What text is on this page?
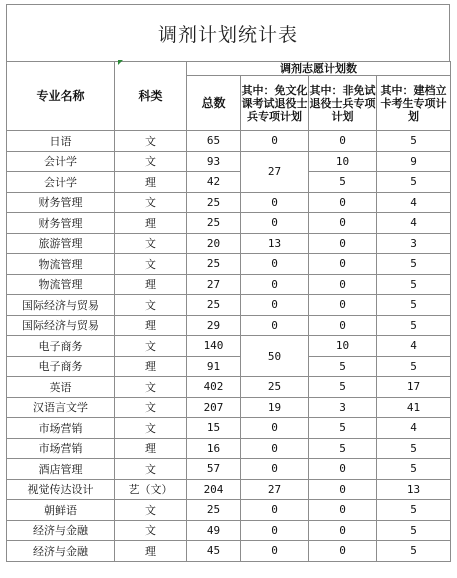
调剂计划统计表
专业名称	科类	调剂志愿计划数			
		总数	其中：免文化课考试退役士兵专项计划	其中：非免试退役士兵专项计划	其中：建档立卡考生专项计划
日语	文	65	0	0	5
会计学	文	93	27	10	9
会计学	理	42		5	5
财务管理	文	25	0	0	4
财务管理	理	25	0	0	4
旅游管理	文	20	13	0	3
物流管理	文	25	0	0	5
物流管理	理	27	0	0	5
国际经济与贸易	文	25	0	0	5
国际经济与贸易	理	29	0	0	5
电子商务	文	140	50	10	4
电子商务	理	91		5	5
英语	文	402	25	5	17
汉语言文学	文	207	19	3	41
市场营销	文	15	0	5	4
市场营销	理	16	0	5	5
酒店管理	文	57	0	0	5
视觉传达设计	艺（文）	204	27	0	13
朝鲜语	文	25	0	0	5
经济与金融	文	49	0	0	5
经济与金融	理	45	0	0	5
